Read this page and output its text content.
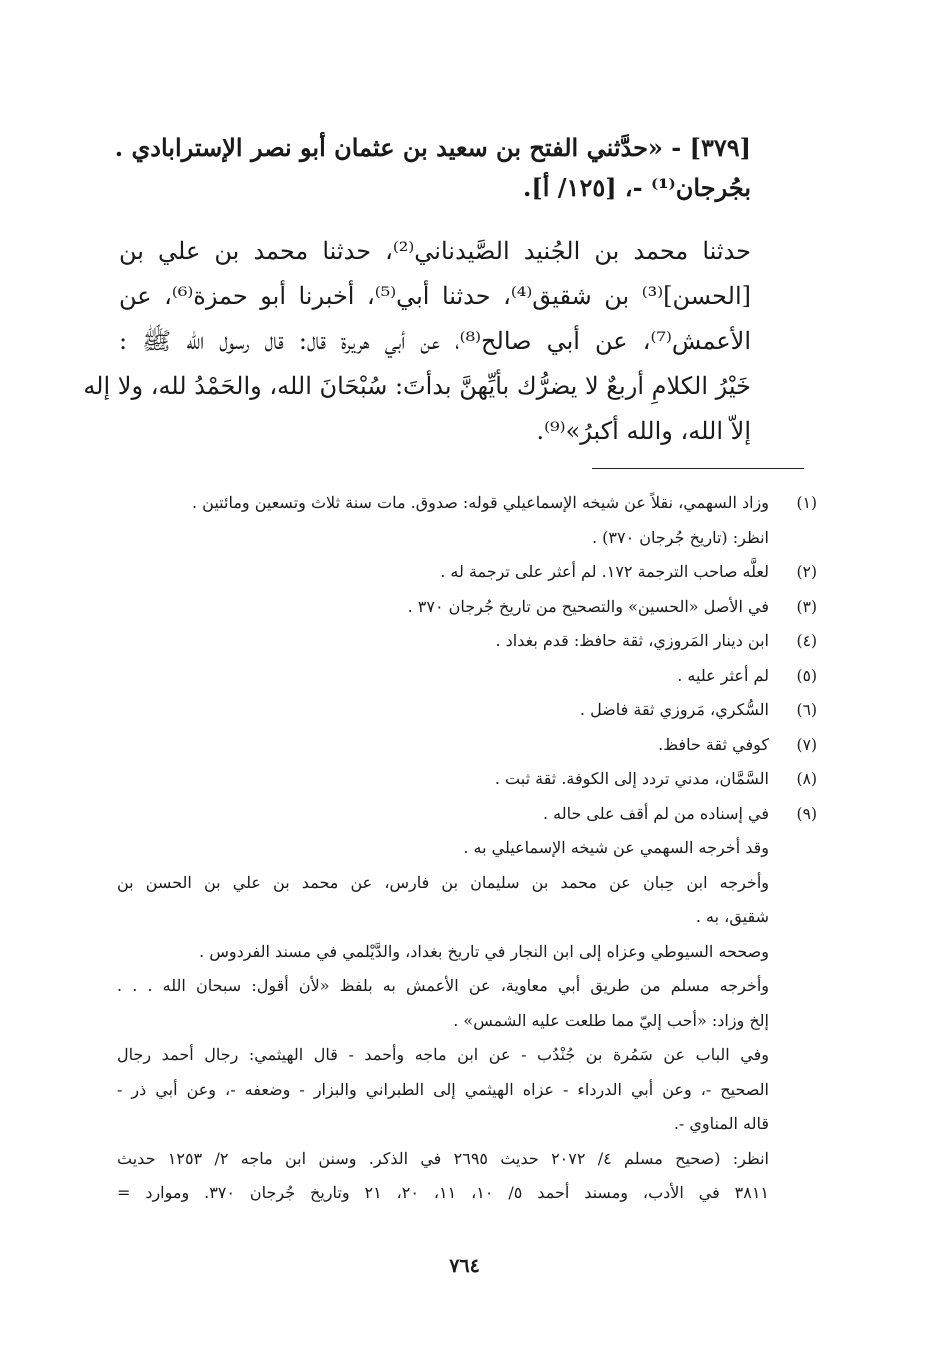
[٣٧٩] - «حدَّثني الفتح بن سعيد بن عثمان أبو نصر الإسترابادي .
بجُرجان⁽¹⁾ -، [١٢٥/ أ].
حدثنا محمد بن الجُنيد الصَّيدناني⁽²⁾، حدثنا محمد بن علي بن
[الحسن]⁽³⁾ بن شقيق⁽⁴⁾، حدثنا أبي⁽⁵⁾، أخبرنا أبو حمزة⁽⁶⁾، عن
الأعمش⁽⁷⁾، عن أبي صالح⁽⁸⁾، عن أبي هريرة قال: قال رسول الله ﷺ :
خَيْرُ الكلامِ أربعٌ لا يضرُّك بأيِّهنَّ بدأتَ: سُبْحَانَ الله، والحَمْدُ لله، ولا إله
إلاّ الله، والله أكبرُ»⁽⁹⁾.
(١)
وزاد السهمي، نقلاً عن شيخه الإسماعيلي قوله: صدوق. مات سنة ثلاث وتسعين ومائتين .
انظر: (تاريخ جُرجان ٣٧٠) .
(٢)
لعلَّه صاحب الترجمة ١٧٢. لم أعثر على ترجمة له .
(٣)
في الأصل «الحسين» والتصحيح من تاريخ جُرجان ٣٧٠ .
(٤)
ابن دينار المَروزي، ثقة حافظ: قدم بغداد .
(٥)
لم أعثر عليه .
(٦)
السُّكري، مَروزي ثقة فاضل .
(٧)
كوفي ثقة حافظ.
(٨)
السَّمَّان، مدني تردد إلى الكوفة. ثقة ثبت .
(٩)
في إسناده من لم أقف على حاله .
وقد أخرجه السهمي عن شيخه الإسماعيلي به .
وأخرجه ابن حِبان عن محمد بن سليمان بن فارس، عن محمد بن علي بن الحسن بن
شقيق، به .
وصححه السيوطي وعزاه إلى ابن النجار في تاريخ بغداد، والدَّيْلمي في مسند الفردوس .
وأخرجه مسلم من طريق أبي معاوية، عن الأعمش به بلفظ «لأن أقول: سبحان الله . . .
إلخ وزاد: «أحب إليّ مما طلعت عليه الشمس» .
وفي الباب عن سَمُرة بن جُنْدُب - عن ابن ماجه وأحمد - قال الهيثمي: رجال أحمد رجال
الصحيح -، وعن أبي الدرداء - عزاه الهيثمي إلى الطبراني والبزار - وضعفه -، وعن أبي ذر -
قاله المناوي -.
انظر: (صحيح مسلم ٤/ ٢٠٧٢ حديث ٢٦٩٥ في الذكر. وسنن ابن ماجه ٢/ ١٢٥٣ حديث
٣٨١١ في الأدب، ومسند أحمد ٥/ ١٠، ١١، ٢٠، ٢١ وتاريخ جُرجان ٣٧٠. وموارد =
٧٦٤
